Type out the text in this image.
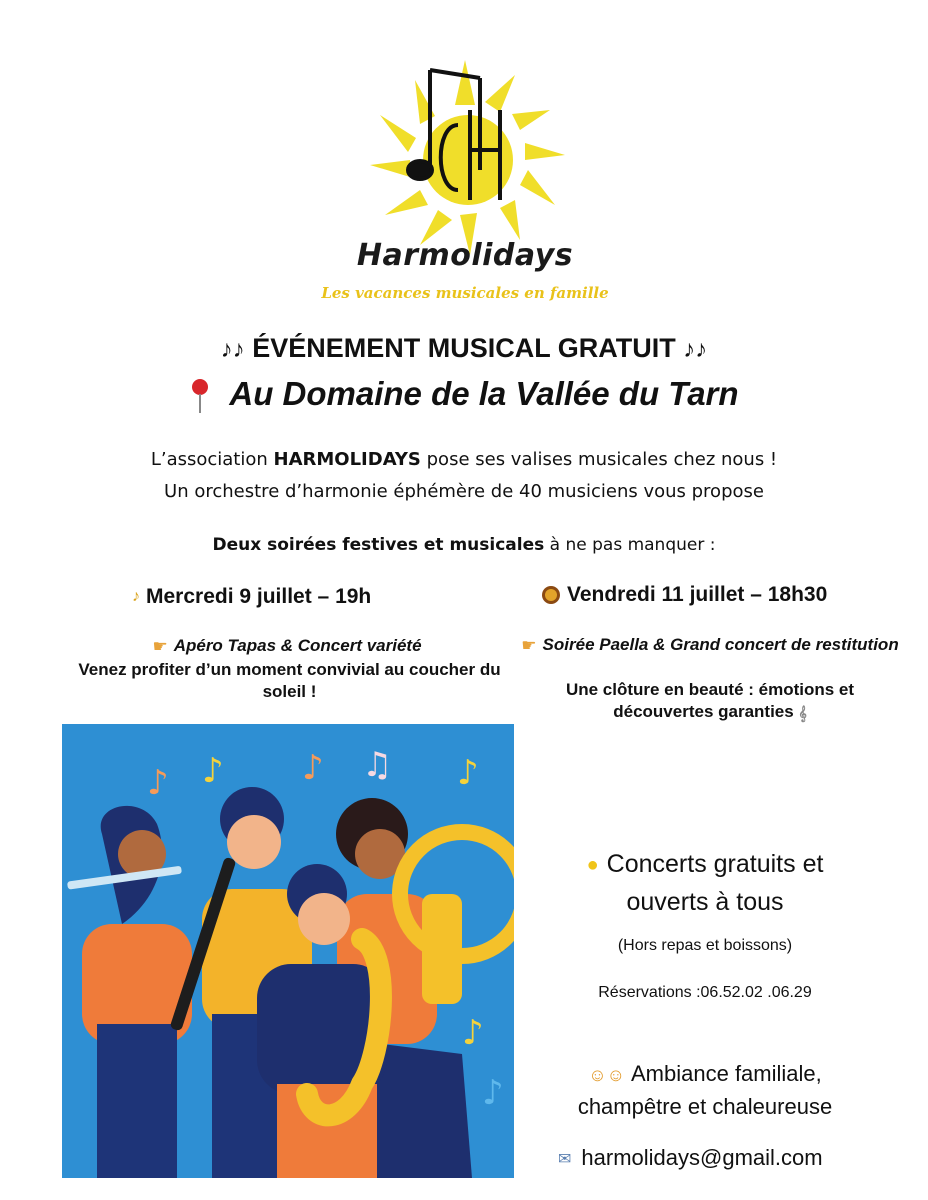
Harmolidays
Les vacances musicales en famille
♪♪ ÉVÉNEMENT MUSICAL GRATUIT ♪♪
Au Domaine de la Vallée du Tarn
L’association HARMOLIDAYS pose ses valises musicales chez nous !
Un orchestre d’harmonie éphémère de 40 musiciens vous propose
Deux soirées festives et musicales à ne pas manquer :
♪ Mercredi 9 juillet – 19h
☛ Apéro Tapas & Concert variété
Venez profiter d’un moment convivial au coucher du soleil !
Vendredi 11 juillet – 18h30
☛ Soirée Paella & Grand concert de restitution
Une clôture en beauté : émotions et découvertes garanties 𝄞
♪ ♪ ♪ ♫ ♪
♪
♪
● Concerts gratuits et
ouverts à tous
(Hors repas et boissons)
Réservations :06.52.02 .06.29
☺☺ Ambiance familiale,
champêtre et chaleureuse
✉ harmolidays@gmail.com
